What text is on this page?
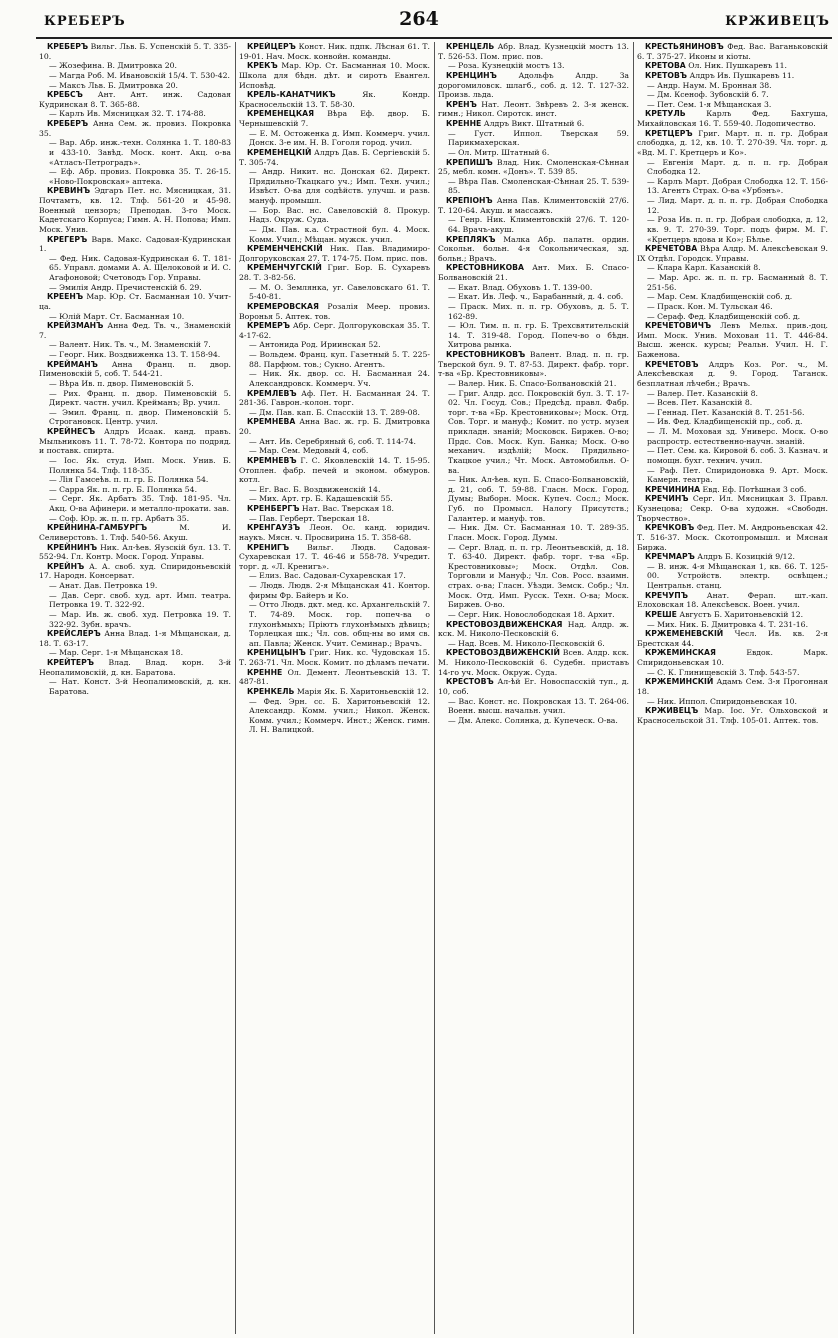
КРЕБЕРЪ	264	КРЖИВЕЦЪ
КРЕБЕРЪ Вильг. Льв. Б. Успенскій 5. Т. 335-10.
— Жозефина. В. Дмитровка 20.
— Магда Роб. М. Ивановскій 15/4. Т. 530-42.
— Максъ Льв. Б. Дмитровка 20.
КРЕБСЪ Ант. Ант. инж. Садовая Кудринская 8. Т. 365-88.
— Карлъ Ив. Мясницкая 32. Т. 174-88.
КРЕБЕРЪ Анна Сем. ж. провиз. Покровка 35.
— Вар. Абр. инж.-техн. Солянка 1. Т. 180-83 и 433-10. Завѣд. Моск. конт. Акц. о-ва «Атласъ-Петроградъ».
— Еф. Абр. провиз. Покровка 35. Т. 26-15. «Ново-Покровская» аптека.
КРЕВИНЪ Эдгаръ Пет. нс. Мясницкая, 31. Почтамтъ, кв. 12. Тлф. 561-20 и 45-98. Военный цензоръ; Преподав. 3-го Моск. Кадетскаго Корпуса; Гимн. А. Н. Попова; Имп. Моск. Унив.
КРЕГЕРЪ Варв. Макс. Садовая-Кудринская 1.
— Фед. Ник. Садовая-Кудринская 6. Т. 181-65. Управл. домами А. А. Щелоковой и И. С. Агафоновой; Счетоводъ Гор. Управы.
— Эмилія Андр. Пречистенскій б. 29.
КРЕЕНЪ Мар. Юр. Ст. Басманная 10. Учит-ца.
— Юлій Март. Ст. Басманная 10.
КРЕЙЗМАНЪ Анна Фед. Тв. ч., Знаменскій 7.
— Валент. Ник. Тв. ч., М. Знаменскій 7.
— Георг. Ник. Воздвиженка 13. Т. 158-94.
КРЕЙМАНЪ Анна Франц. п. двор. Пименовскій 5, соб. Т. 544-21.
— Вѣра Ив. п. двор. Пименовскій 5.
— Рих. Франц. п. двор. Пименовскій 5. Директ. частн. учил. Крейманъ; Вр. учил.
— Эмил. Франц. п. двор. Пименовскій 5. Строгановск. Центр. учил.
КРЕЙНЕСЪ Алдръ Исаак. канд. правъ. Мыльниковъ 11. Т. 78-72. Контора по подряд. и поставк. спирта.
— Іос. Як. студ. Имп. Моск. Унив. Б. Полянка 54. Тлф. 118-35.
— Лія Гамсеѣв. п. п. гр. Б. Полянка 54.
— Сарра Як. п. п. гр. Б. Полянка 54.
— Серг. Як. Арбатъ 35. Тлф. 181-95. Чл. Акц. О-ва Афинери. и металло-прокати. зав.
— Соф. Юр. ж. п. п. гр. Арбатъ 35.
КРЕЙНИНА-ГАМБУРГЪ	М. И. Селиверстовъ. 1. Тлф. 540-56. Акуш.
КРЕЙНИНЪ Ник. Ал-ѣев. Яузскій бул. 13. Т. 552-94. Гл. Контр. Моск. Город. Управы.
КРЕЙНЪ А. А. своб. худ. Спиридоньевскій 17. Народн. Консерват.
— Анат. Дав. Петровка 19.
— Дав. Серг. своб. худ. арт. Имп. театра. Петровка 19. Т. 322-92.
— Мар. Ив. ж. своб. худ. Петровка 19. Т. 322-92. Зубн. врачъ.
КРЕЙСЛЕРЪ Анна Влад. 1-я Мѣщанская, д. 18. Т. 63-17.
— Мар. Серг. 1-я Мѣщанская 18.
КРЕЙТЕРЪ Влад. Влад. корн. 3-й Неопалимовскій, д. кн. Баратова.
— Нат. Конст. 3-й Неопалимовскій, д. кн. Баратова.
КРЕЙЦЕРЪ Конст. Ник. пдпк. Лѣсная 61. Т. 19-01. Нач. Моск. конвойн. команды.
КРЕКЪ Мар. Юр. Ст. Басманная 10. Моск. Школа для бѣдн. дѣт. и сиротъ Евангел. Исповѣд.
КРЕЛЬ-КАНАТЧИКЪ	Як. Кондр. Красносельскій 13. Т. 58-30.
КРЕМЕНЕЦКАЯ Вѣра Еф. двор. Б. Чернышевскій 7.
— Е. М. Остоженка д. Имп. Коммерч. учил. Донск. 3-е им. Н. В. Гоголя город. учил.
КРЕМЕНЕЦКІЙ Алдръ Дав. Б. Сергіевскій 5. Т. 305-74.
— Андр. Никит. нс. Донская 62. Директ. Прядильно-Ткацкаго уч.; Имп. Техн. учил.; Извѣст. О-ва для содѣйств. улучш. и разв. мануф. промышл.
— Бор. Вас. нс. Савеловскій 8. Прокур. Надз. Окруж. Суда.
— Дм. Пав. к.а. Страстной бул. 4. Моск. Комм. Учил.; Мѣщан. мужск. учил.
КРЕМЕНЧЕНСКІЙ Ник. Пав. Владимиро-Долгоруковская 27. Т. 174-75. Пом. прис. пов.
КРЕМЕНЧУГСКІЙ Григ. Бор. Б. Сухаревъ 28. Т. 3-82-56.
— М. О. Землянка, уг. Савеловскаго 61. Т. 5-40-81.
КРЕМЕРОВСКАЯ Розалія Меер. провиз. Воронья 5. Аптек. тов.
КРЕМЕРЪ Абр. Серг. Долгоруковская 35. Т. 4-17-62.
— Антонида Род. Ириинская 52.
— Вольдем. Франц. куп. Газетный 5. Т. 225-88. Парфюм. тов.; Сукно. Агентъ.
— Ник. Як. двор. сс. Н. Басманная 24. Александровск. Коммерч. Уч.
КРЕМЛЕВЪ Аф. Пет. Н. Басманная 24. Т. 281-36. Гаврон.-колон. торг.
— Дм. Пав. кап. Б. Спасскій 13. Т. 289-08.
КРЕМНЕВА Анна Вас. ж. гр. Б. Дмитровка 20.
— Ант. Ив. Серебряный 6, соб. Т. 114-74.
— Мар. Сем. Медовый 4, соб.
КРЕМНЕВЪ Г. С. Яковлевскій 14. Т. 15-95. Отоплен. фабр. печей и эконом. обмуров. котл.
— Ег. Вас. Б. Воздвиженскій 14.
— Мих. Арт. гр. Б. Кадашевскій 55.
КРЕНБЕРГЪ Нат. Вас. Тверская 18.
— Пав. Герберт. Тверская 18.
КРЕНГАУЗЪ Леон. Ос. канд. юридич. наукъ. Мясн. ч. Просвирина 15. Т. 358-68.
КРЕНИГЪ Вильг. Людв. Садовая-Сухаревская 17. Т. 46-46 и 558-78. Учредит. торг. д. «Л. Кренигъ».
— Елиз. Вас. Садовая-Сухаревская 17.
— Людв. Людв. 2-я Мѣщанская 41. Контор. фирмы Фр. Байеръ и Ко.
— Отто Людв. дкт. мед. кс. Архангельскій 7. Т. 74-89. Моск. гор. попеч-ва о глухонѣмыхъ; Пріютъ глухонѣмыхъ дѣвицъ; Торлецкая шк.; Чл. сов. общ-ны во имя св. ап. Павла; Женск. Учит. Семинар.; Врачъ.
КРЕНИЦЫНЪ Григ. Ник. кс. Чудовская 15. Т. 263-71. Чл. Моск. Комит. по дѣламъ печати.
КРЕННЕ Ол. Демент. Леонтьевскій 13. Т. 487-81.
КРЕНКЕЛЬ Марія Як. Б. Харитоньевскій 12.
— Фед. Эрн. сс. Б. Харитоньевскій 12. Александр. Комм. учил.; Никол. Женск. Комм. учил.; Коммерч. Инст.; Женск. гимн. Л. Н. Валицкой.
КРЕНЦЕЛЬ Абр. Влад. Кузнецкій мостъ 13. Т. 526-53. Пом. прис. пов.
— Роза. Кузнецкій мостъ 13.
КРЕНЦИНЪ	Адольфъ Алдр. За дорогомиловск. шлагб., соб. д. 12. Т. 127-32. Произв. льда.
КРЕНЪ Нат. Леонт. Звѣревъ 2. 3-я женск. гимн.; Никол. Сиротск. инст.
КРЕННЕ Алдръ Викт. Штатный 6.
— Густ. Иппол. Тверская 59. Парикмахерская.
— Ол. Митр. Штатный 6.
КРЕПИШЪ Влад. Ник. Смоленская-Сѣнная 25, мебл. комн. «Донъ». Т. 539 85.
— Вѣра Пав. Смоленская-Сѣнная 25. Т. 539-85.
КРЕПІОНЪ Анна Пав. Климентовскій 27/6. Т. 120-64. Акуш. и массажъ.
— Генр. Ник. Климентовскій 27/6. Т. 120-64. Врачъ-акуш.
КРЕПЛЯКЪ Малка Абр. палатн. ордин. Сокольн. больн. 4-я Сокольническая, зд. больн.; Врачъ.
КРЕСТОВНИКОВА Ант. Мих. Б. Спасо-Болвановскій 21.
— Екат. Влад. Обуховъ 1. Т. 139-00.
— Екат. Ив. Леф. ч., Барабанный, д. 4. соб.
— Праск. Мих. п. п. гр. Обуховъ, д. 5. Т. 162-89.
— Юл. Тим. п. п. гр. Б. Трехсвятительскій 14. Т. 319-48. Город. Попеч-во о бѣдн. Хитрова рынка.
КРЕСТОВНИКОВЪ Валент. Влад. п. п. гр. Тверской бул. 9. Т. 87-53. Директ. фабр. торг. т-ва «Бр. Крестовниковы».
— Валер. Ник. Б. Спасо-Болвановскій 21.
— Григ. Алдр. дсс. Покровскій бул. 3. Т. 17-02. Чл. Госуд. Сов.; Предсѣд. правл. Фабр. торг. т-ва «Бр. Крестовниковы»; Моск. Отд. Сов. Торг. и мануф.; Комит. по устр. музея прикладн. знаній; Московск. Биржев. О-во; Прдс. Сов. Моск. Куп. Банка; Моск. О-во механич. издѣлій; Моск. Прядильно-Ткацкое учил.; Чт. Моск. Автомобильн. О-ва.
— Ник. Ал-ѣев. куп. Б. Спасо-Болвановскій, д. 21, соб. Т. 59-88. Гласн. Моск. Город. Думы; Выборн. Моск. Купеч. Сосл.; Моск. Губ. по Промысл. Налогу Присутств.; Галантер. и мануф. тов.
— Ник. Дм. Ст. Басманная 10. Т. 289-35. Гласн. Моск. Город. Думы.
— Серг. Влад. п. п. гр. Леонтьевскій, д. 18. Т. 63-40. Директ. фабр. торг. т-ва «Бр. Крестовниковы»; Моск. Отдѣл. Сов. Торговли и Мануф.; Чл. Сов. Росс. взаимн. страх. о-ва; Гласн. Уѣзди. Земск. Собр.; Чл. Моск. Отд. Имп. Русск. Техн. О-ва; Моск. Биржев. О-во.
— Серг. Ник. Новослободская 18. Архит.
КРЕСТОВОЗДВИЖЕНСКАЯ Над. Алдр. ж. кск. М. Николо-Песковскій 6.
— Над. Всев. М. Николо-Песковскій 6.
КРЕСТОВОЗДВИЖЕНСКІЙ Всев. Алдр. кск. М. Николо-Песковскій 6. Судебн. приставъ 14-го уч. Моск. Окруж. Суда.
КРЕСТОВЪ Ал-ѣй Ег. Новоспасскій туп., д. 10, соб.
— Вас. Конст. нс. Покровская 13. Т. 264-06. Военн. высш. начальн. учил.
— Дм. Алекс. Солянка, д. Купеческ. О-ва.
КРЕСТЬЯНИНОВЪ Фед. Вас. Ваганьковскій 6. Т. 375-27. Иконы и кіоты.
КРЕТОВА Ол. Ник. Пушкаревъ 11.
КРЕТОВЪ Алдръ Ив. Пушкаревъ 11.
— Андр. Наум. М. Бронная 38.
— Дм. Ксеноф. Зубовскій б. 7.
— Пет. Сем. 1-я Мѣщанская 3.
КРЕТУЛЬ	Карлъ Фед. Бахгуша, Михайловская 16. Т. 559-40. Лодопичество.
КРЕТЦЕРЪ Григ. Март. п. п. гр. Добрая слободка, д. 12, кв. 10. Т. 270-39. Чл. торг. д. «Вд. М. Г. Кретцеръ и Ко».
— Евгенія Март. д. п. п. гр. Добрая Слободка 12.
— Карлъ Март. Добрая Слободка 12. Т. 156-13. Агентъ Страх. О-ва «Урбэнъ».
— Лид. Март. д. п. п. гр. Добрая Слободка 12.
— Роза Ив. п. п. гр. Добрая слободка, д. 12, кв. 9. Т. 270-39. Торг. подъ фирм. М. Г. «Кретцеръ вдова и Ко»; Бѣлье.
КРЕЧЕТОВА Вѣра Алдр. М. Алексѣевская 9. IX Отдѣл. Городск. Управы.
— Клара Карл. Казанскій 8.
— Мар. Арс. ж. п. п. гр. Басманный 8. Т. 251-56.
— Мар. Сем. Кладбищенскій соб. д.
— Праск. Кон. М. Тульская 46.
— Сераф. Фед. Кладбищенскій соб. д.
КРЕЧЕТОВИЧЪ Левъ Мельх. прив.-доц. Имп. Моск. Унив. Моховая 11. Т. 446-84. Высш. женск. курсы; Реальн. Учил. Н. Г. Баженова.
КРЕЧЕТОВЪ Алдръ Коз. Рог. ч., М. Алексѣевская д. 9. Город. Таганск. безплатная лѣчебн.; Врачъ.
— Валер. Пет. Казанскій 8.
— Всев. Пет. Казанскій 8.
— Геннад. Пет. Казанскій 8. Т. 251-56.
— Ив. Фед. Кладбищенскій пр., соб. д.
— Л. М. Моховая зд. Универс. Моск. О-во распростр. естественно-научн. знаній.
— Пет. Сем. кa. Кировой б. соб. 3. Казнач. и помощн. бухг. технич. учил.
— Раф. Пет. Спиридоновка 9. Арт. Моск. Камерн. театра.
КРЕЧИНИНА Евд. Еф. Потѣшная 3 соб.
КРЕЧИНЪ Серг. Ил. Мясницкая 3. Правл. Кузнецова; Секр. О-ва художн. «Свободн. Творчество».
КРЕЧКОВЪ Фед. Пет. М. Андроньевская 42. Т. 516-37. Моск. Скотопромышл. и Мясная Биржа.
КРЕЧМАРЪ Алдръ Б. Козицкій 9/12.
— В. инж. 4-я Мѣщанская 1, кв. 66. Т. 125-00. Устройств. электр. освѣщен.; Центральн. станц.
КРЕЧУПЪ Анат. Ферап. шт.-кап. Елоховская 18. Алексѣевск. Воен. учил.
КРЕШЕ Августъ Б. Харитоньевскій 12.
— Мих. Ник. Б. Дмитровка 4. Т. 231-16.
КРЖЕМЕНЕВСКІЙ Чесл. Ив. кв. 2-я Брестская 44.
КРЖЕМИНСКАЯ	Евдок. Марк. Спиридоньевская 10.
— С. К. Глинищевскій 3. Тлф. 543-57.
КРЖЕМИНСКІЙ Адамъ Сем. 3-я Прогонная 18.
— Ник. Иппол. Спиридоньевская 10.
КРЖИВЕЦЪ Мар. Іос. Уг. Ольховской и Красносельской 31. Тлф. 105-01. Аптек. тов.
